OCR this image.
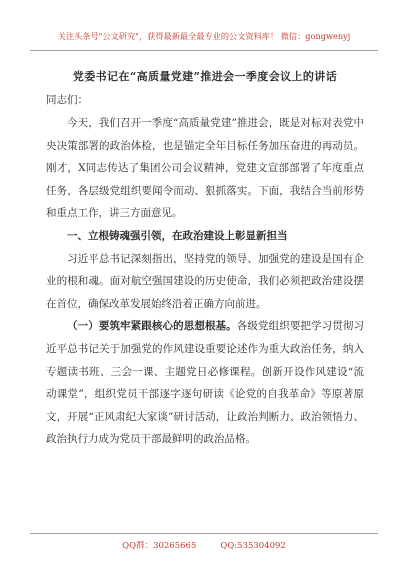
关注头条号"公文研究"，获得最新最全最专业的公文资料库！ 微信：gongwenyj
党委书记在“高质量党建”推进会一季度会议上的讲话
同志们：

今天，我们召开一季度“高质量党建”推进会，既是对标对表党中央决策部署的政治体检，也是锚定全年目标任务加压奋进的再动员。刚才，X同志传达了集团公司会议精神，党建文宣部部署了年度重点任务，各层级党组织要闻令而动、狠抓落实。下面，我结合当前形势和重点工作，讲三方面意见。

一、立根铸魂强引领，在政治建设上彰显新担当

习近平总书记深刻指出，坚持党的领导、加强党的建设是国有企业的根和魂。面对航空强国建设的历史使命，我们必须把政治建设摆在首位，确保改革发展始终沿着正确方向前进。

（一）要筑牢紧跟核心的思想根基。各级党组织要把学习贯彻习近平总书记关于加强党的作风建设重要论述作为重大政治任务，纳入专题读书班、三会一课、主题党日必修课程。创新开设作风建设“流动课堂”，组织党员干部逐字逐句研读《论党的自我革命》等原著原文，开展“正风肃纪大家谈”研讨活动，让政治判断力、政治领悟力、政治执行力成为党员干部最鲜明的政治品格。

QQ群：30265665	QQ:535304092
